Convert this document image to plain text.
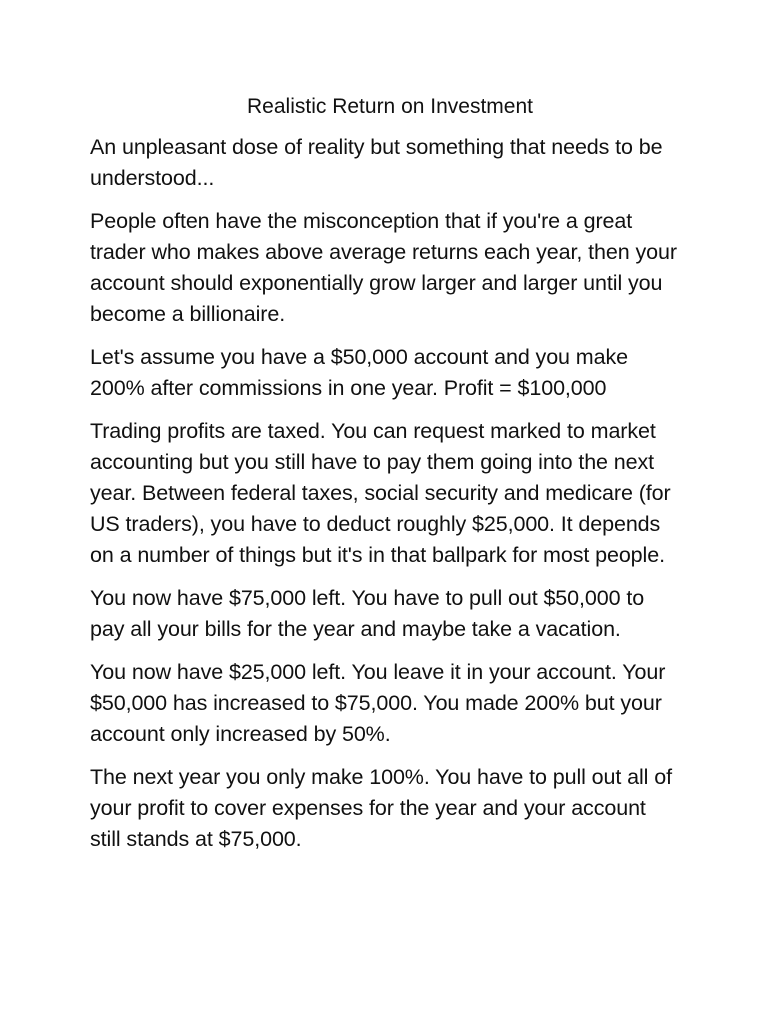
Realistic Return on Investment

An unpleasant dose of reality but something that needs to be understood...

People often have the misconception that if you're a great trader who makes above average returns each year, then your account should exponentially grow larger and larger until you become a billionaire.

Let's assume you have a $50,000 account and you make 200% after commissions in one year. Profit = $100,000

Trading profits are taxed. You can request marked to market accounting but you still have to pay them going into the next year. Between federal taxes, social security and medicare (for US traders), you have to deduct roughly $25,000. It depends on a number of things but it's in that ballpark for most people.

You now have $75,000 left. You have to pull out $50,000 to pay all your bills for the year and maybe take a vacation.

You now have $25,000 left. You leave it in your account. Your $50,000 has increased to $75,000. You made 200% but your account only increased by 50%.

The next year you only make 100%. You have to pull out all of your profit to cover expenses for the year and your account still stands at $75,000.
